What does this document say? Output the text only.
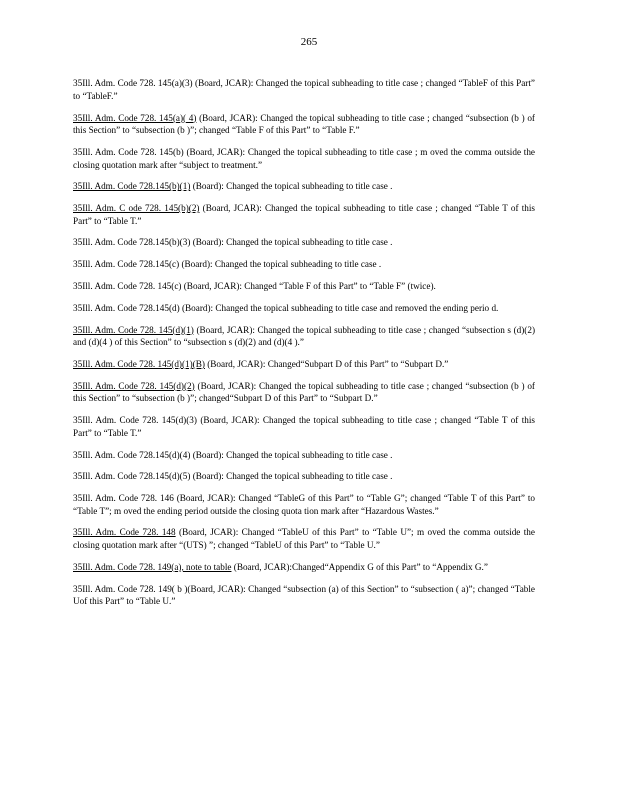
265

35Ill. Adm. Code 728. 145(a)(3) (Board, JCAR): Changed the topical subheading to title case ; changed “TableF of this Part” to “TableF.”

35Ill. Adm. Code 728. 145(a)( 4) (Board, JCAR): Changed the topical subheading to title case ; changed “subsection (b ) of this Section” to “subsection (b )”; changed “Table F of this Part” to “Table F.”

35Ill. Adm. Code 728. 145(b) (Board, JCAR): Changed the topical subheading to title case ; m oved the comma outside the closing quotation mark after “subject to treatment.”

35Ill. Adm. Code 728.145(b)(1) (Board): Changed the topical subheading to title case .

35Ill. Adm. C ode 728. 145(b)(2) (Board, JCAR): Changed the topical subheading to title case ; changed “Table T of this Part” to “Table T.”

35Ill. Adm. Code 728.145(b)(3) (Board): Changed the topical subheading to title case .

35Ill. Adm. Code 728.145(c) (Board): Changed the topical subheading to title case .

35Ill. Adm. Code 728. 145(c) (Board, JCAR): Changed “Table F of this Part” to “Table F” (twice).

35Ill. Adm. Code 728.145(d) (Board): Changed the topical subheading to title case and removed the ending perio d.

35Ill. Adm. Code 728. 145(d)(1) (Board, JCAR): Changed the topical subheading to title case ; changed “subsection s (d)(2) and (d)(4 ) of this Section” to “subsection s (d)(2) and (d)(4 ).”

35Ill. Adm. Code 728. 145(d)(1)(B) (Board, JCAR): Changed“Subpart D of this Part” to “Subpart D.”

35Ill. Adm. Code 728. 145(d)(2) (Board, JCAR): Changed the topical subheading to title case ; changed “subsection (b ) of this Section” to “subsection (b )”; changed“Subpart D of this Part” to “Subpart D.”

35Ill. Adm. Code 728. 145(d)(3) (Board, JCAR): Changed the topical subheading to title case ; changed “Table T of this Part” to “Table T.”

35Ill. Adm. Code 728.145(d)(4) (Board): Changed the topical subheading to title case .

35Ill. Adm. Code 728.145(d)(5) (Board): Changed the topical subheading to title case .

35Ill. Adm. Code 728. 146 (Board, JCAR): Changed “TableG of this Part” to “Table G”; changed “Table T of this Part” to “Table T”; m oved the ending period outside the closing quota tion mark after “Hazardous Wastes.”

35Ill. Adm. Code 728. 148 (Board, JCAR): Changed “TableU of this Part” to “Table U”; m oved the comma outside the closing quotation mark after “(UTS) ”; changed “TableU of this Part” to “Table U.”

35Ill. Adm. Code 728. 149(a), note to table (Board, JCAR):Changed“Appendix G of this Part” to “Appendix G.”

35Ill. Adm. Code 728. 149( b )(Board, JCAR): Changed “subsection (a) of this Section” to “subsection ( a)”; changed “Table Uof this Part” to “Table U.”
